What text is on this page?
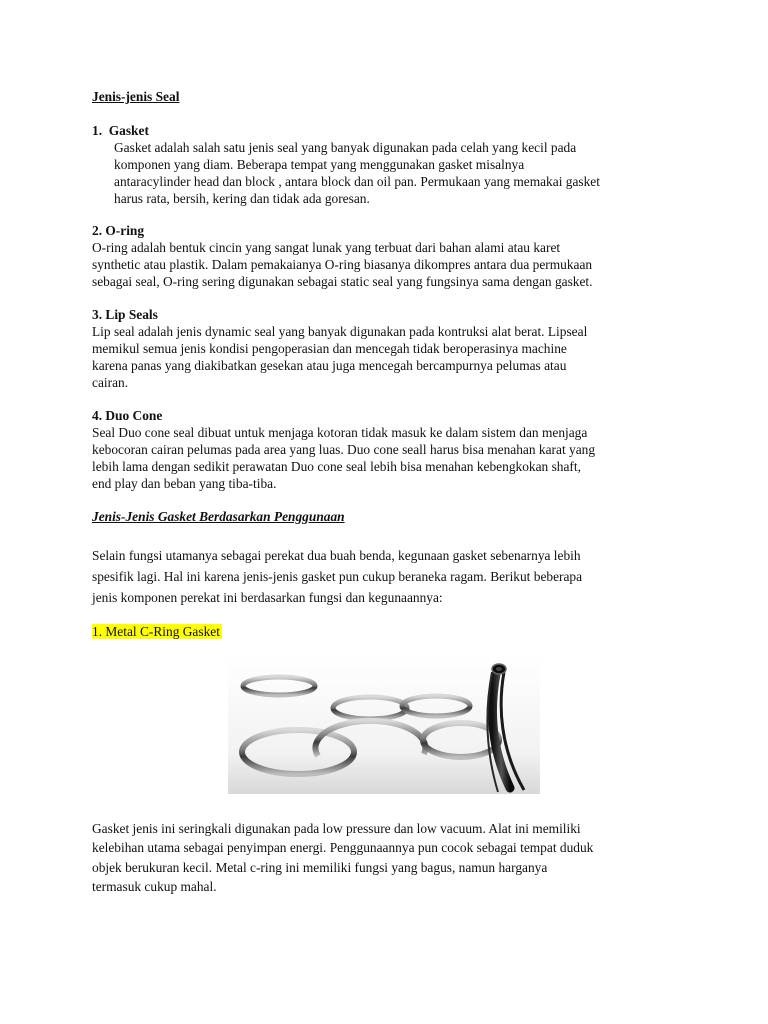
Jenis-jenis Seal

1.  Gasket

Gasket adalah salah satu jenis seal yang banyak digunakan pada celah yang kecil pada

komponen yang diam. Beberapa tempat yang menggunakan gasket misalnya

antaracylinder head dan block , antara block dan oil pan. Permukaan yang memakai gasket

harus rata, bersih, kering dan tidak ada goresan.

2. O-ring

O-ring adalah bentuk cincin yang sangat lunak yang terbuat dari bahan alami atau karet

synthetic atau plastik. Dalam pemakaianya O-ring biasanya dikompres antara dua permukaan

sebagai seal, O-ring sering digunakan sebagai static seal yang fungsinya sama dengan gasket.

3. Lip Seals

Lip seal adalah jenis dynamic seal yang banyak digunakan pada kontruksi alat berat. Lipseal

memikul semua jenis kondisi pengoperasian dan mencegah tidak beroperasinya machine

karena panas yang diakibatkan gesekan atau juga mencegah bercampurnya pelumas atau

cairan.

4. Duo Cone

Seal Duo cone seal dibuat untuk menjaga kotoran tidak masuk ke dalam sistem dan menjaga

kebocoran cairan pelumas pada area yang luas. Duo cone seall harus bisa menahan karat yang

lebih lama dengan sedikit perawatan Duo cone seal lebih bisa menahan kebengkokan shaft,

end play dan beban yang tiba-tiba.

Jenis-Jenis Gasket Berdasarkan Penggunaan

Selain fungsi utamanya sebagai perekat dua buah benda, kegunaan gasket sebenarnya lebih

spesifik lagi. Hal ini karena jenis-jenis gasket pun cukup beraneka ragam. Berikut beberapa

jenis komponen perekat ini berdasarkan fungsi dan kegunaannya:

1. Metal C-Ring Gasket

Gasket jenis ini seringkali digunakan pada low pressure dan low vacuum. Alat ini memiliki

kelebihan utama sebagai penyimpan energi. Penggunaannya pun cocok sebagai tempat duduk

objek berukuran kecil. Metal c-ring ini memiliki fungsi yang bagus, namun harganya

termasuk cukup mahal.
